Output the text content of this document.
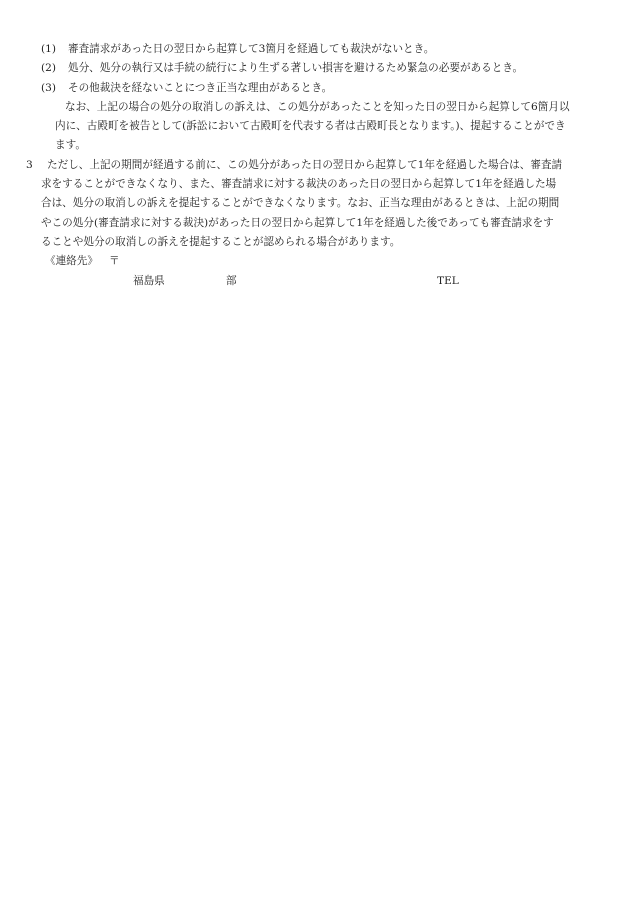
(1) 審査請求があった日の翌日から起算して3箇月を経過しても裁決がないとき。
(2) 処分、処分の執行又は手続の続行により生ずる著しい損害を避けるため緊急の必要があるとき。
(3) その他裁決を経ないことにつき正当な理由があるとき。
なお、上記の場合の処分の取消しの訴えは、この処分があったことを知った日の翌日から起算して6箇月以
内に、古殿町を被告として(訴訟において古殿町を代表する者は古殿町長となります。)、提起することができ
ます。
3	ただし、上記の期間が経過する前に、この処分があった日の翌日から起算して1年を経過した場合は、審査請
求をすることができなくなり、また、審査請求に対する裁決のあった日の翌日から起算して1年を経過した場
合は、処分の取消しの訴えを提起することができなくなります。なお、正当な理由があるときは、上記の期間
やこの処分(審査請求に対する裁決)があった日の翌日から起算して1年を経過した後であっても審査請求をす
ることや処分の取消しの訴えを提起することが認められる場合があります。
《連絡先》 〒
福島県	部	TEL
